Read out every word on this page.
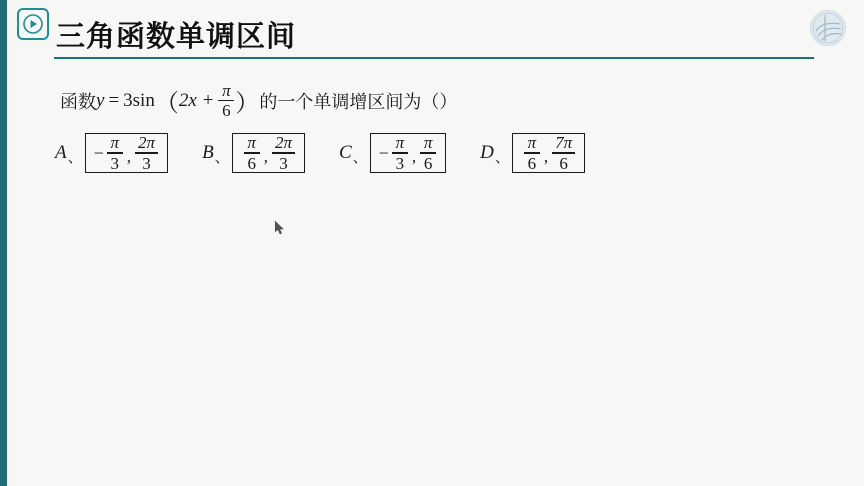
三角函数单调区间
函数 y = 3sin （ $2x + \frac{\pi}{6}$ ） 的一个单调增区间为（ ）
A 、 − $\frac{\pi}{3}$ , $\frac{2\pi}{3}$ B 、 $\frac{\pi}{6}$ , $\frac{2\pi}{3}$ C 、 − $\frac{\pi}{3}$ , $\frac{\pi}{6}$ D 、 $\frac{\pi}{6}$ , $\frac{7\pi}{6}$
